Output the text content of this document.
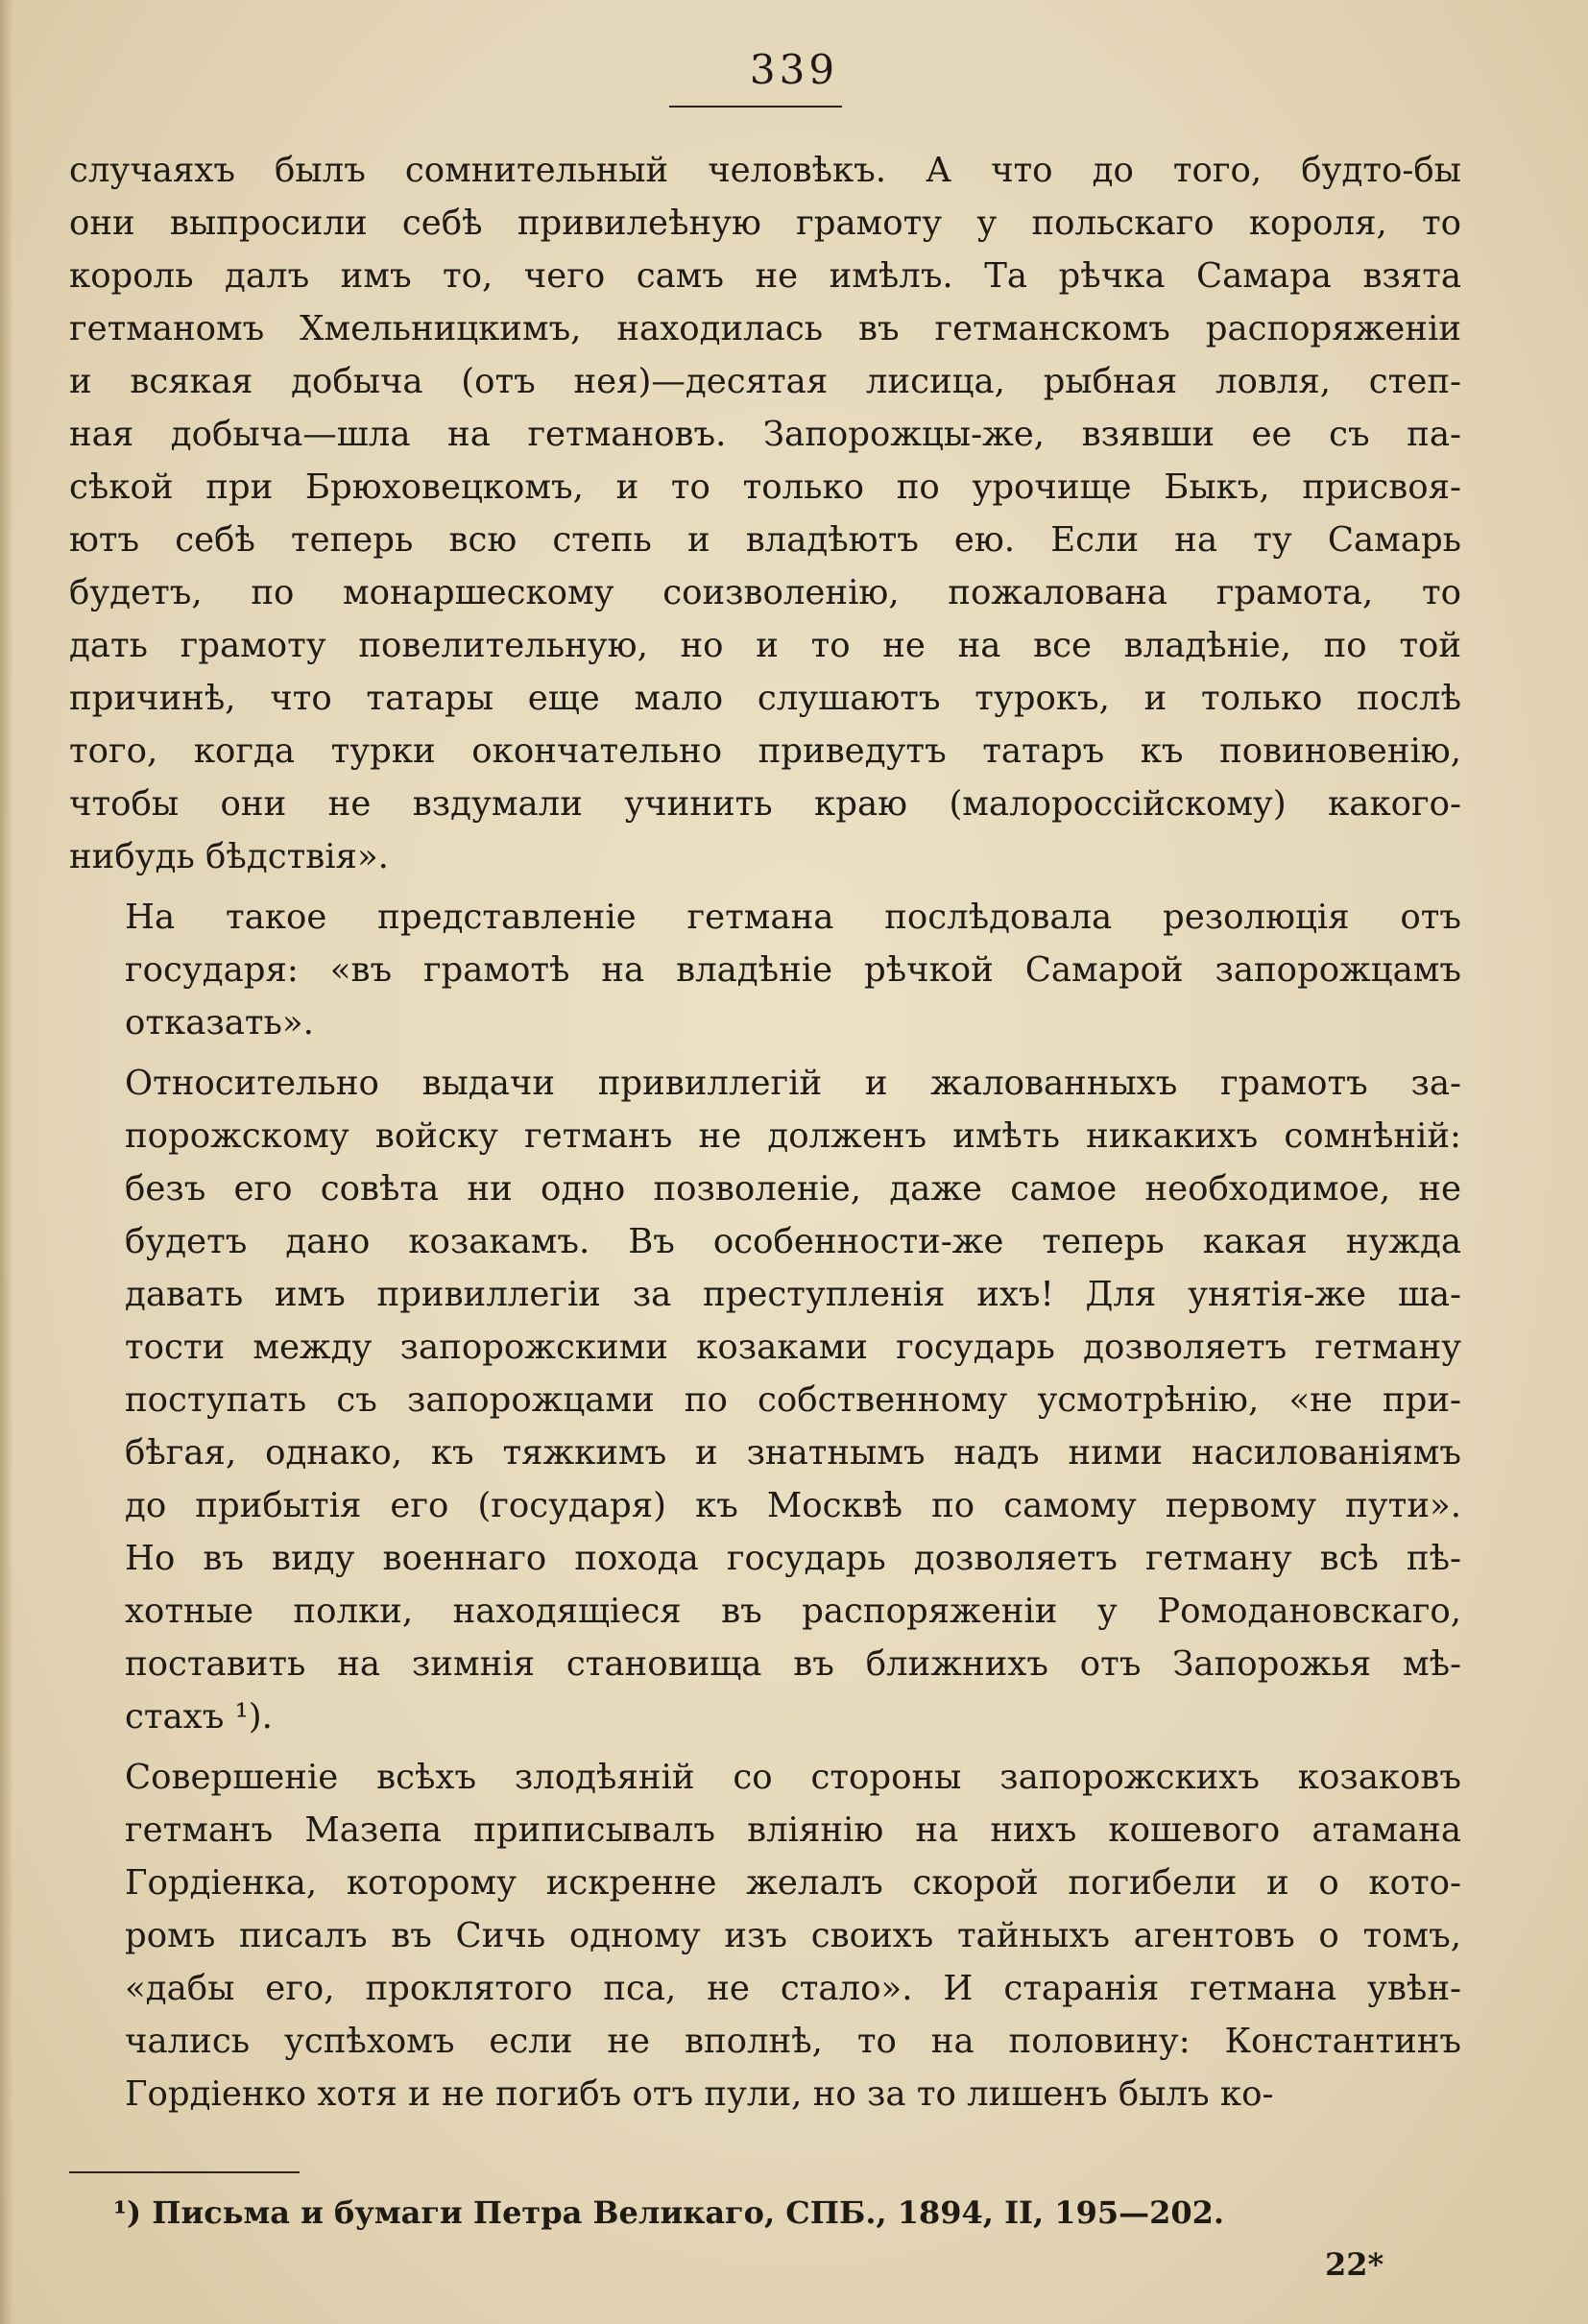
339
случаяхъ былъ сомнительный человѣкъ. А что до того, будто-бы
они выпросили себѣ привилеѣную грамоту у польскаго короля, то
король далъ имъ то, чего самъ не имѣлъ. Та рѣчка Самара взята
гетманомъ Хмельницкимъ, находилась въ гетманскомъ распоряженіи
и всякая добыча (отъ нея)—десятая лисица, рыбная ловля, степ-
ная добыча—шла на гетмановъ. Запорожцы-же, взявши ее съ па-
сѣкой при Брюховецкомъ, и то только по урочище Быкъ, присвоя-
ютъ себѣ теперь всю степь и владѣютъ ею. Если на ту Самарь
будетъ, по монаршескому соизволенію, пожалована грамота, то
дать грамоту повелительную, но и то не на все владѣніе, по той
причинѣ, что татары еще мало слушаютъ турокъ, и только послѣ
того, когда турки окончательно приведутъ татаръ къ повиновенію,
чтобы они не вздумали учинить краю (малороссійскому) какого-
нибудь бѣдствія».
На такое представленіе гетмана послѣдовала резолюція отъ
государя: «въ грамотѣ на владѣніе рѣчкой Самарой запорожцамъ
отказать».
Относительно выдачи привиллегій и жалованныхъ грамотъ за-
порожскому войску гетманъ не долженъ имѣть никакихъ сомнѣній:
безъ его совѣта ни одно позволеніе, даже самое необходимое, не
будетъ дано козакамъ. Въ особенности-же теперь какая нужда
давать имъ привиллегіи за преступленія ихъ! Для унятія-же ша-
тости между запорожскими козаками государь дозволяетъ гетману
поступать съ запорожцами по собственному усмотрѣнію, «не при-
бѣгая, однако, къ тяжкимъ и знатнымъ надъ ними насилованіямъ
до прибытія его (государя) къ Москвѣ по самому первому пути».
Но въ виду военнаго похода государь дозволяетъ гетману всѣ пѣ-
хотные полки, находящіеся въ распоряженіи у Ромодановскаго,
поставить на зимнія становища въ ближнихъ отъ Запорожья мѣ-
стахъ ¹).
Совершеніе всѣхъ злодѣяній со стороны запорожскихъ козаковъ
гетманъ Мазепа приписывалъ вліянію на нихъ кошевого атамана
Гордіенка, которому искренне желалъ скорой погибели и о кото-
ромъ писалъ въ Сичь одному изъ своихъ тайныхъ агентовъ о томъ,
«дабы его, проклятого пса, не стало». И старанія гетмана увѣн-
чались успѣхомъ если не вполнѣ, то на половину: Константинъ
Гордіенко хотя и не погибъ отъ пули, но за то лишенъ былъ ко-
¹) Письма и бумаги Петра Великаго, СПБ., 1894, II, 195—202.
22*
